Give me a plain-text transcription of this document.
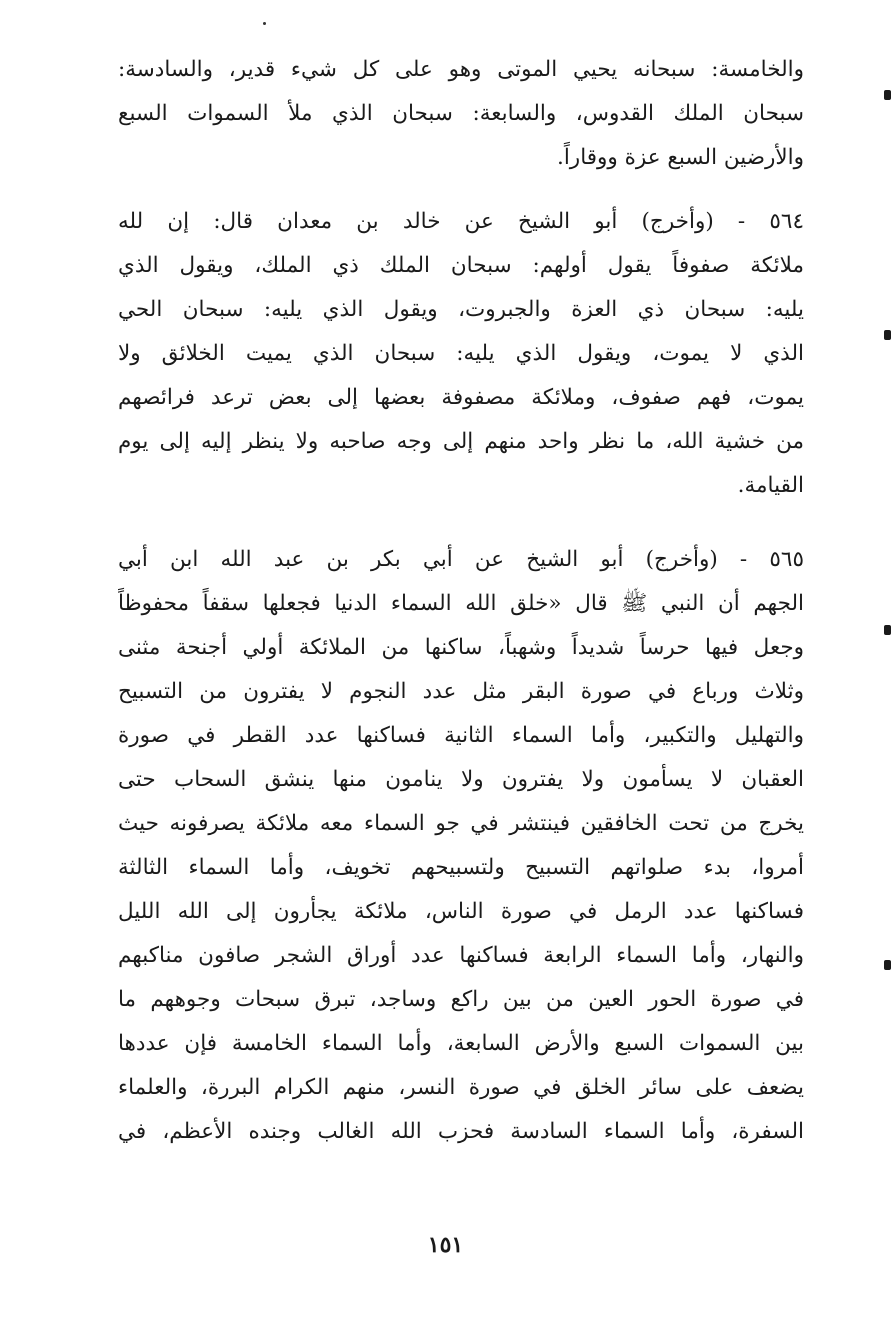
والخامسة: سبحانه يحيي الموتى وهو على كل شيء قدير، والسادسة:
سبحان الملك القدوس، والسابعة: سبحان الذي ملأ السموات السبع
والأرضين السبع عزة ووقاراً.
٥٦٤ - (وأخرج) أبو الشيخ عن خالد بن معدان قال: إن لله
ملائكة صفوفاً يقول أولهم: سبحان الملك ذي الملك، ويقول الذي
يليه: سبحان ذي العزة والجبروت، ويقول الذي يليه: سبحان الحي
الذي لا يموت، ويقول الذي يليه: سبحان الذي يميت الخلائق ولا
يموت، فهم صفوف، وملائكة مصفوفة بعضها إلى بعض ترعد فرائصهم
من خشية الله، ما نظر واحد منهم إلى وجه صاحبه ولا ينظر إليه إلى يوم
القيامة.
٥٦٥ - (وأخرج) أبو الشيخ عن أبي بكر بن عبد الله ابن أبي
الجهم أن النبي ﷺ قال «خلق الله السماء الدنيا فجعلها سقفاً محفوظاً
وجعل فيها حرساً شديداً وشهباً، ساكنها من الملائكة أولي أجنحة مثنى
وثلاث ورباع في صورة البقر مثل عدد النجوم لا يفترون من التسبيح
والتهليل والتكبير، وأما السماء الثانية فساكنها عدد القطر في صورة
العقبان لا يسأمون ولا يفترون ولا ينامون منها ينشق السحاب حتى
يخرج من تحت الخافقين فينتشر في جو السماء معه ملائكة يصرفونه حيث
أمروا، بدء صلواتهم التسبيح ولتسبيحهم تخويف، وأما السماء الثالثة
فساكنها عدد الرمل في صورة الناس، ملائكة يجأرون إلى الله الليل
والنهار، وأما السماء الرابعة فساكنها عدد أوراق الشجر صافون مناكبهم
في صورة الحور العين من بين راكع وساجد، تبرق سبحات وجوههم ما
بين السموات السبع والأرض السابعة، وأما السماء الخامسة فإن عددها
يضعف على سائر الخلق في صورة النسر، منهم الكرام البررة، والعلماء
السفرة، وأما السماء السادسة فحزب الله الغالب وجنده الأعظم، في
١٥١
